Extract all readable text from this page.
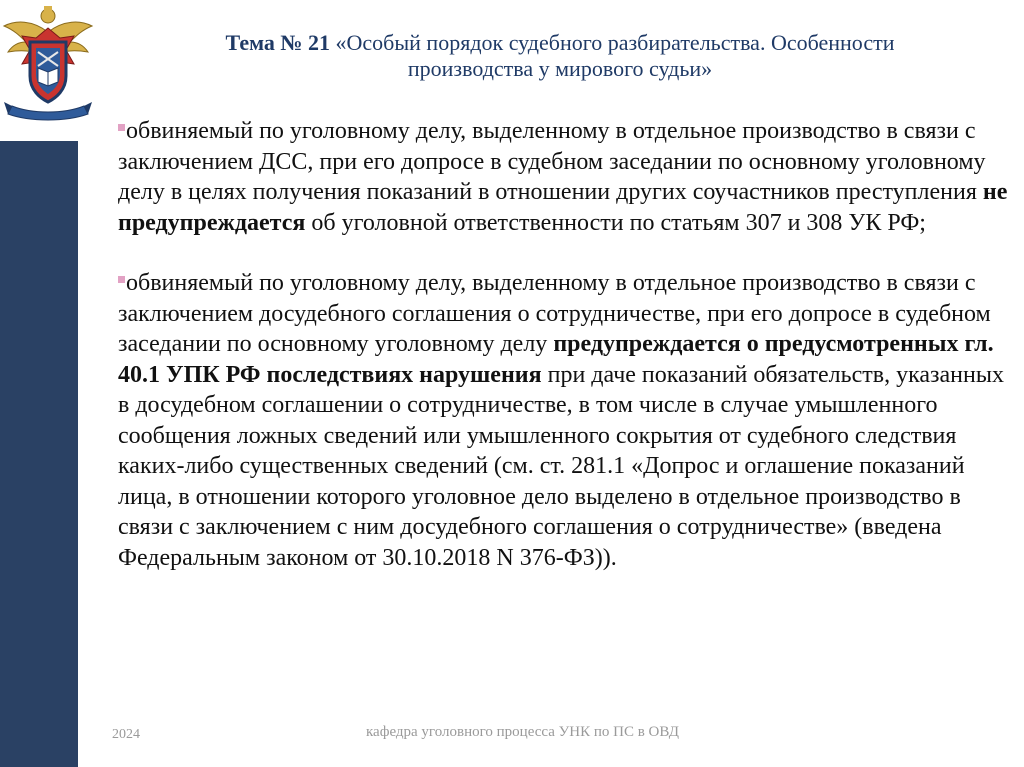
Тема № 21 «Особый порядок судебного разбирательства. Особенности
производства у мирового судьи»

обвиняемый по уголовному делу, выделенному в отдельное производство в связи с заключением ДСС, при его допросе в судебном заседании по основному уголовному делу в целях получения показаний в отношении других соучастников преступления не предупреждается об уголовной ответственности по статьям 307 и 308 УК РФ;

обвиняемый по уголовному делу, выделенному в отдельное производство в связи с заключением досудебного соглашения о сотрудничестве, при его допросе в судебном заседании по основному уголовному делу предупреждается о предусмотренных гл. 40.1 УПК РФ последствиях нарушения при даче показаний обязательств, указанных в досудебном соглашении о сотрудничестве, в том числе в случае умышленного сообщения ложных сведений или умышленного сокрытия от судебного следствия каких-либо существенных сведений (см. ст. 281.1 «Допрос и оглашение показаний лица, в отношении которого уголовное дело выделено в отдельное производство в связи с заключением с ним досудебного соглашения о сотрудничестве» (введена Федеральным законом от 30.10.2018 N 376-ФЗ)).

2024	кафедра уголовного процесса УНК по ПС в ОВД
